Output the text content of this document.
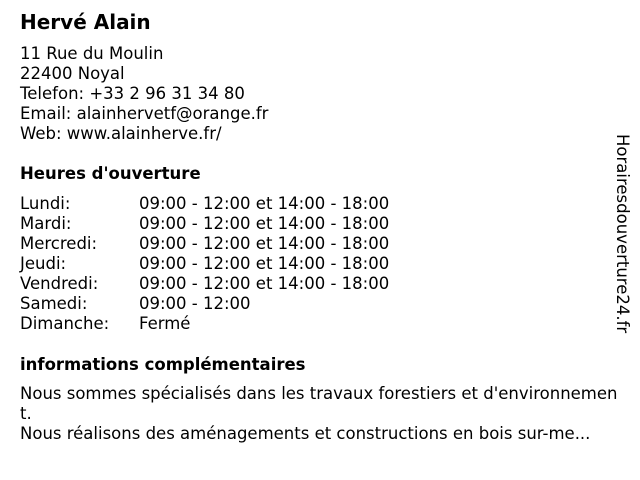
Hervé Alain
11 Rue du Moulin
22400 Noyal
Telefon: +33 2 96 31 34 80
Email: alainhervetf@orange.fr
Web: www.alainherve.fr/
Heures d'ouverture
Lundi:	09:00 - 12:00 et 14:00 - 18:00
Mardi:	09:00 - 12:00 et 14:00 - 18:00
Mercredi:	09:00 - 12:00 et 14:00 - 18:00
Jeudi:	09:00 - 12:00 et 14:00 - 18:00
Vendredi: 09:00 - 12:00 et 14:00 - 18:00
Samedi:	09:00 - 12:00
Dimanche: Fermé
informations complémentaires

Nous sommes spécialisés dans les travaux forestiers et d'environnement.

Nous réalisons des aménagements et constructions en bois sur-me...

Horairesdouverture24.fr
